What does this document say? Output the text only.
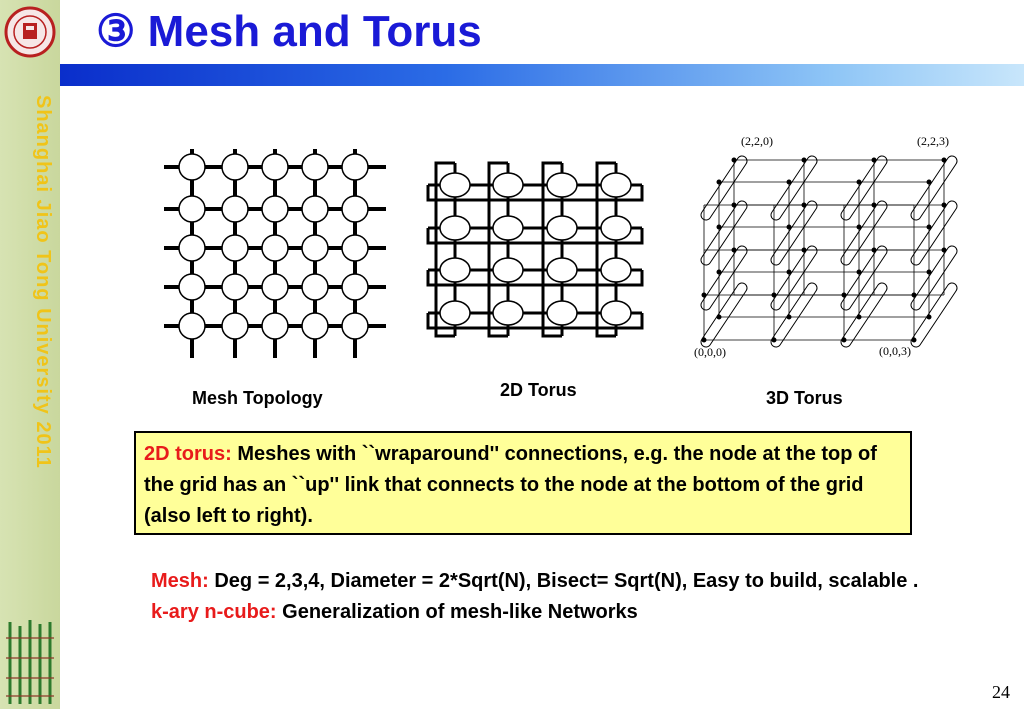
Shanghai Jiao Tong University 2011
③ Mesh and Torus
Mesh Topology	2D Torus
(2,2,0)	(2,2,3)
(0,0,0)	(0,0,3)
3D Torus
2D torus: Meshes with ``wraparound'' connections, e.g. the node at the top of the grid has an ``up'' link that connects to the node at the bottom of the grid (also left to right).
Mesh: Deg = 2,3,4, Diameter = 2*Sqrt(N), Bisect= Sqrt(N), Easy to build, scalable .
k-ary n-cube: Generalization of mesh-like Networks
24
